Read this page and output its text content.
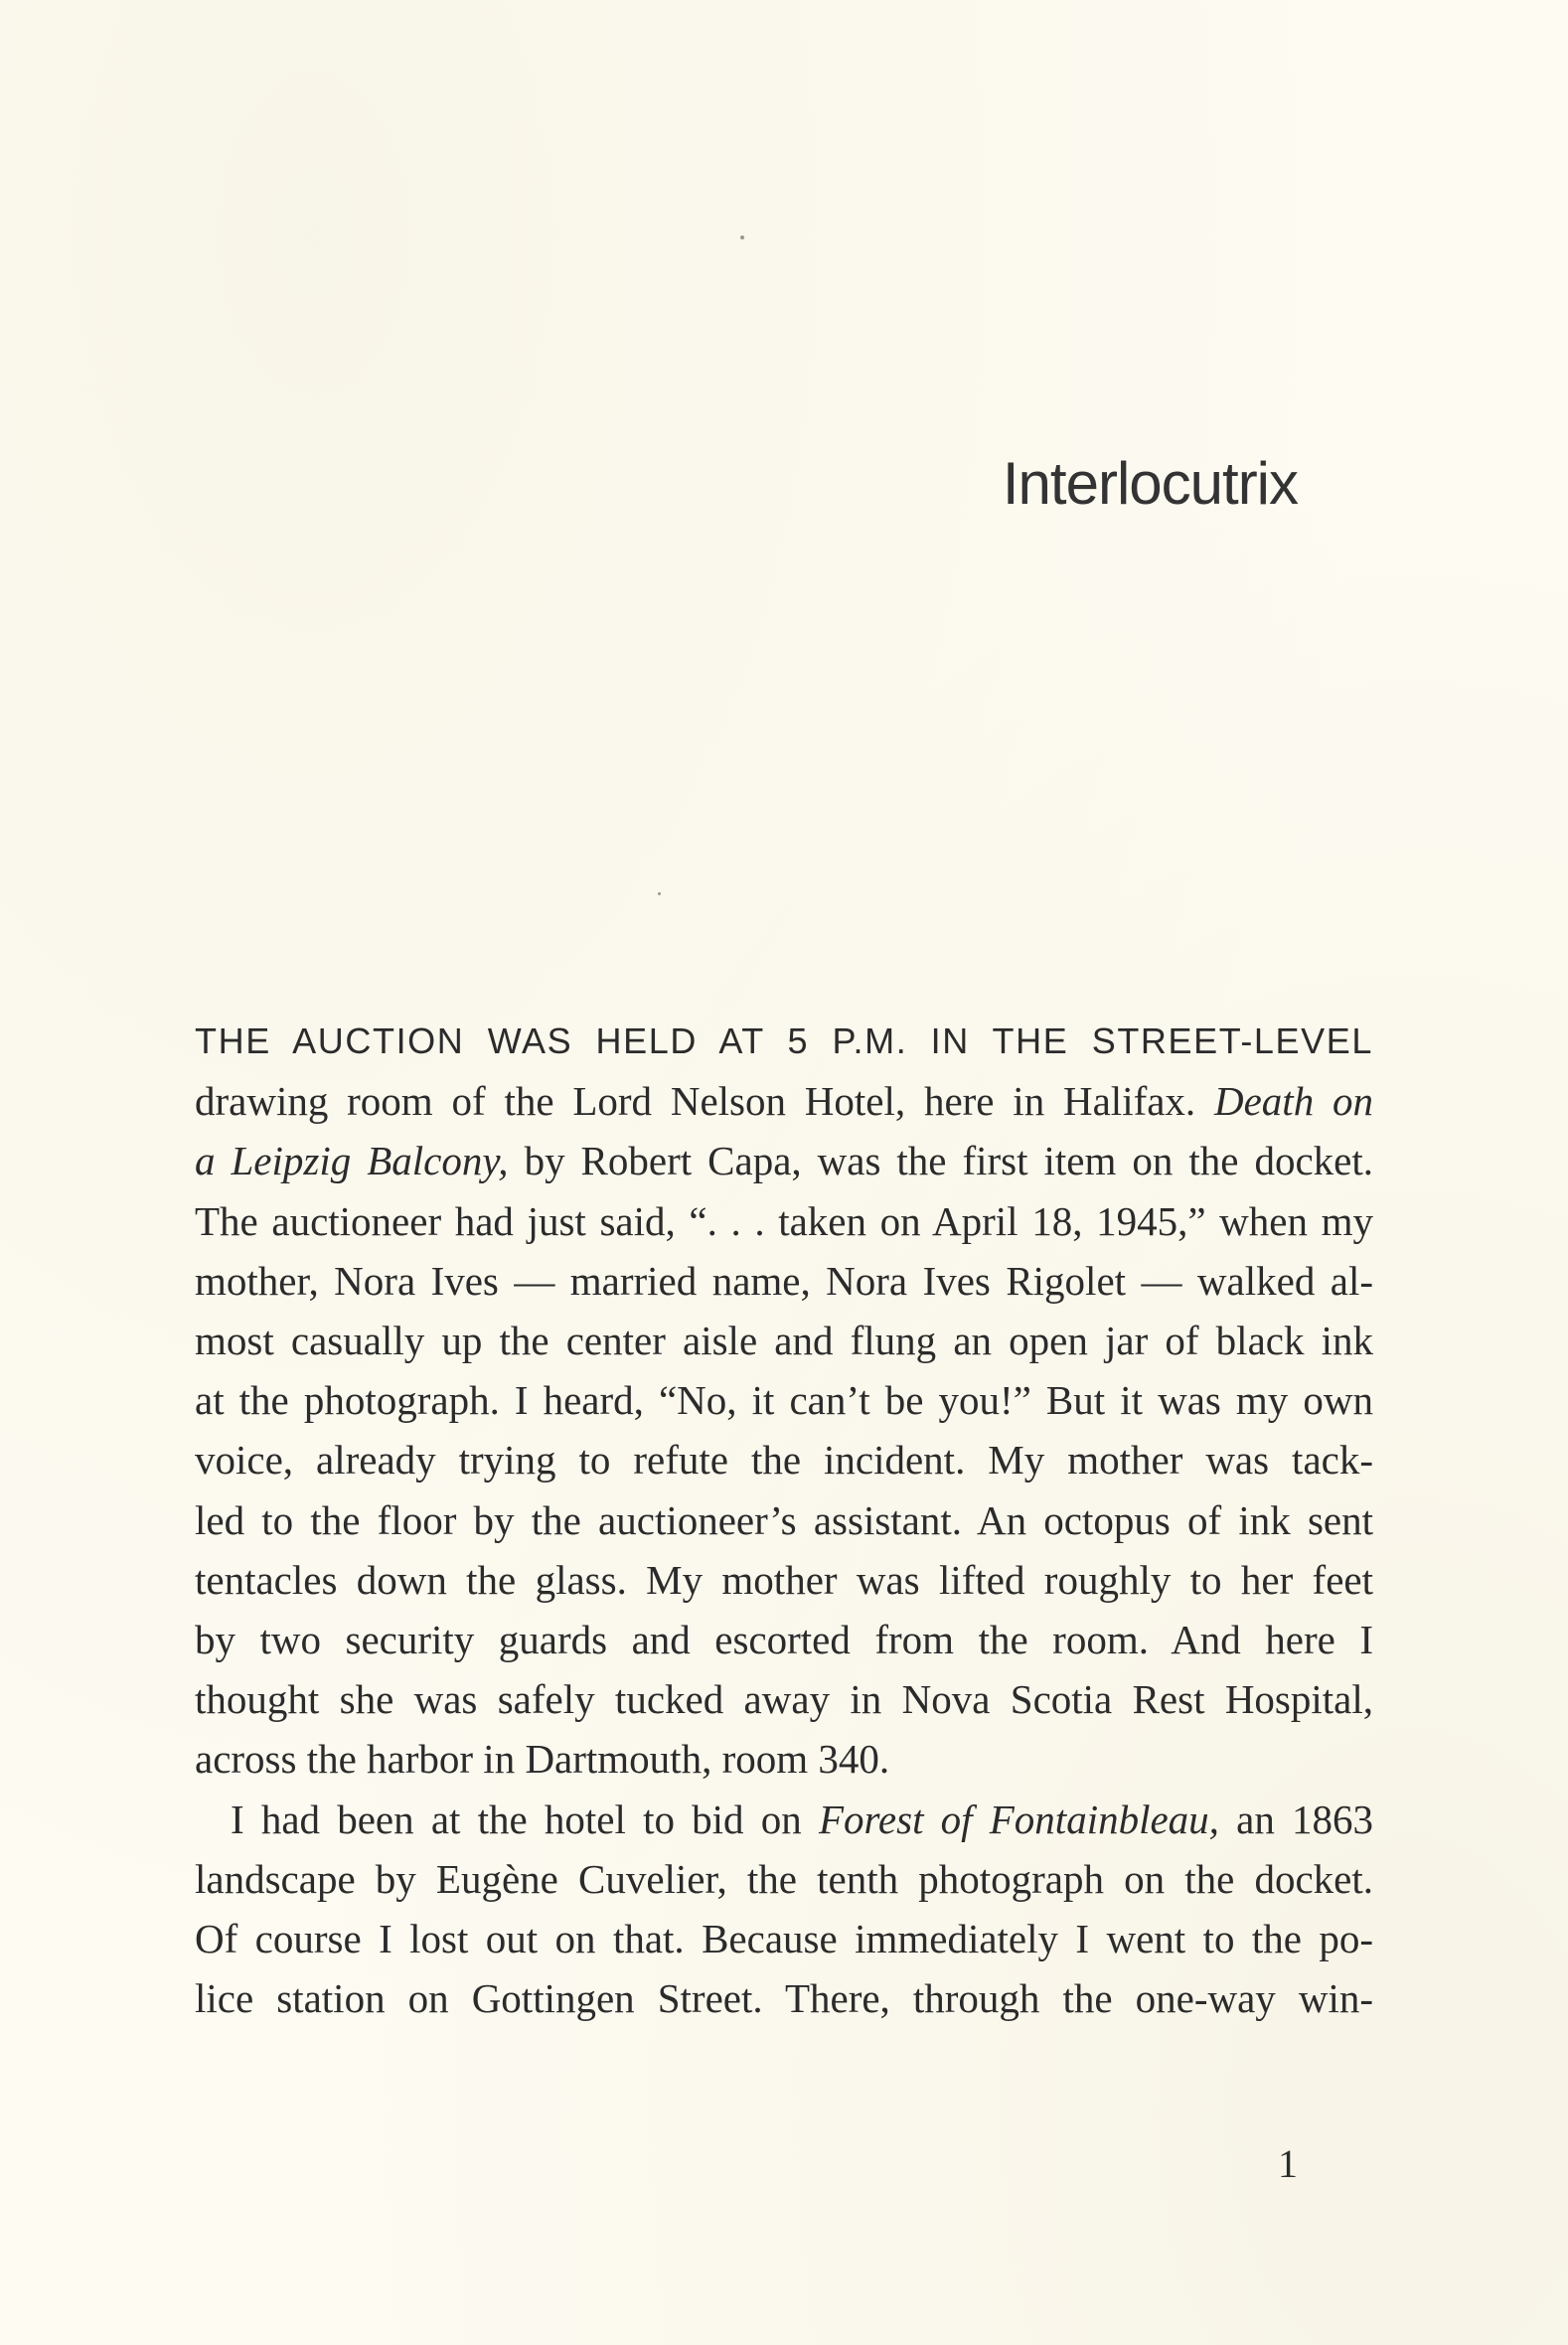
Interlocutrix

THE AUCTION WAS HELD AT 5 P.M. IN THE STREET-LEVEL
drawing room of the Lord Nelson Hotel, here in Halifax. Death on
a Leipzig Balcony, by Robert Capa, was the first item on the docket.
The auctioneer had just said, “. . . taken on April 18, 1945,” when my
mother, Nora Ives — married name, Nora Ives Rigolet — walked al-
most casually up the center aisle and flung an open jar of black ink
at the photograph. I heard, “No, it can’t be you!” But it was my own
voice, already trying to refute the incident. My mother was tack-
led to the floor by the auctioneer’s assistant. An octopus of ink sent
tentacles down the glass. My mother was lifted roughly to her feet
by two security guards and escorted from the room. And here I
thought she was safely tucked away in Nova Scotia Rest Hospital,
across the harbor in Dartmouth, room 340.

I had been at the hotel to bid on Forest of Fontainbleau, an 1863
landscape by Eugène Cuvelier, the tenth photograph on the docket.
Of course I lost out on that. Because immediately I went to the po-
lice station on Gottingen Street. There, through the one-way win-

1
